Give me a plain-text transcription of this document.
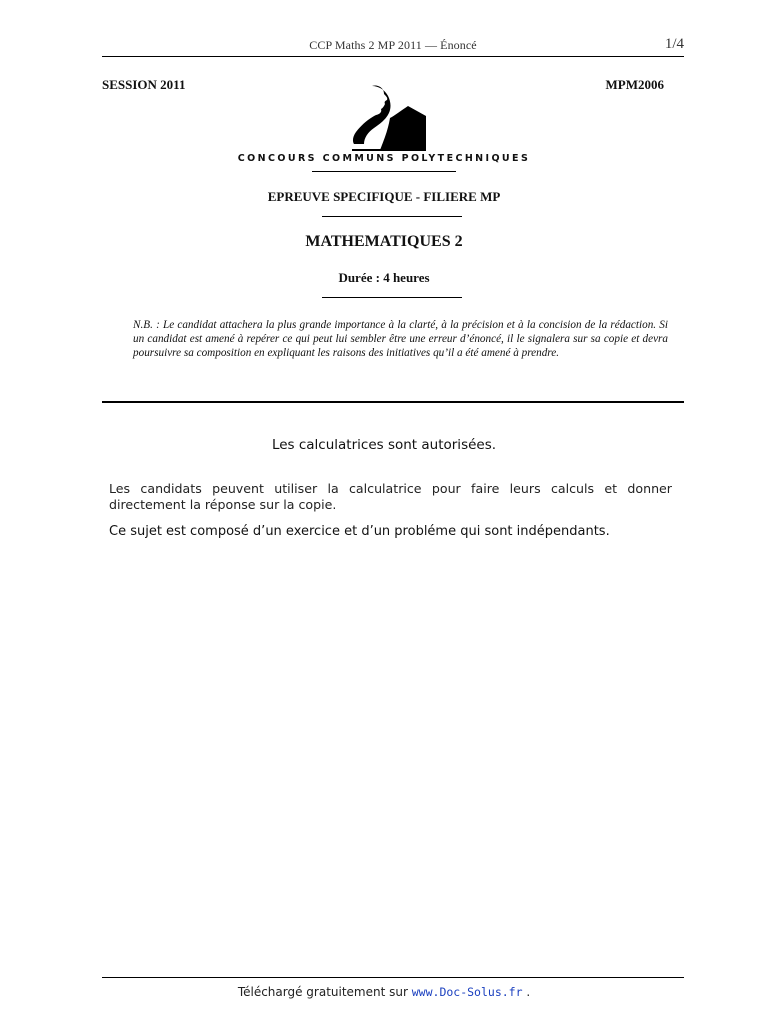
CCP Maths 2 MP 2011 — Énoncé	1/4
SESSION 2011	MPM2006
CONCOURS COMMUNS POLYTECHNIQUES
EPREUVE SPECIFIQUE - FILIERE MP
MATHEMATIQUES 2
Durée : 4 heures
N.B. : Le candidat attachera la plus grande importance à la clarté, à la précision et à la concision de la rédaction. Si un candidat est amené à repérer ce qui peut lui sembler être une erreur d’énoncé, il le signalera sur sa copie et devra poursuivre sa composition en expliquant les raisons des initiatives qu’il a été amené à prendre.
Les calculatrices sont autorisées.
Les candidats peuvent utiliser la calculatrice pour faire leurs calculs et donner directement la réponse sur la copie.
Ce sujet est composé d’un exercice et d’un probléme qui sont indépendants.
Téléchargé gratuitement sur www.Doc-Solus.fr .
